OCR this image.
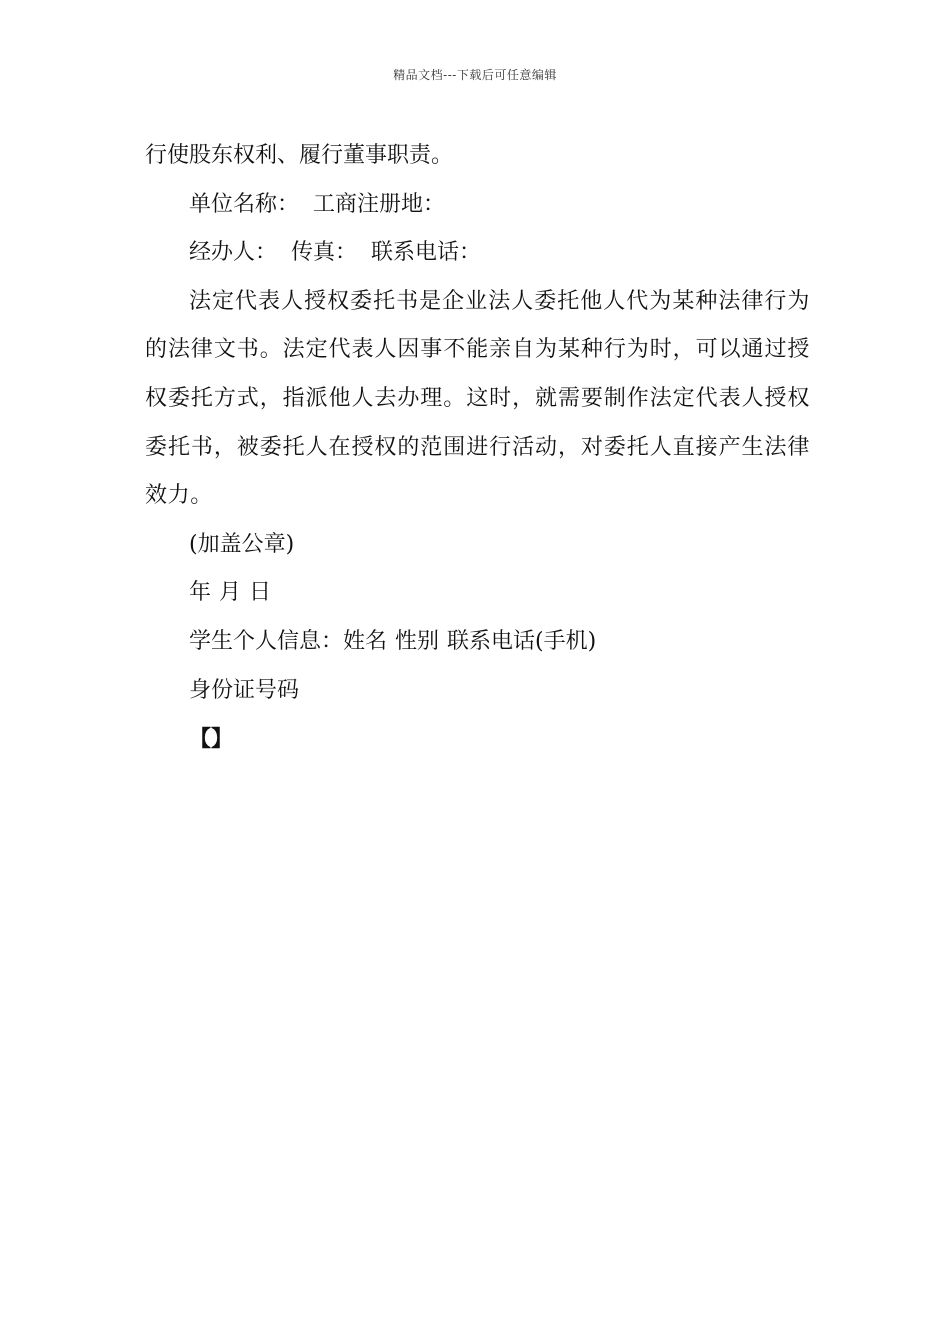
精品文档---下载后可任意编辑

行使股东权利、履行董事职责。

单位名称： 工商注册地：

经办人： 传真： 联系电话：

法定代表人授权委托书是企业法人委托他人代为某种法律行为的法律文书。法定代表人因事不能亲自为某种行为时，可以通过授权委托方式，指派他人去办理。这时，就需要制作法定代表人授权委托书，被委托人在授权的范围进行活动，对委托人直接产生法律效力。

(加盖公章)

年 月 日

学生个人信息：姓名 性别 联系电话(手机)

身份证号码

【】
